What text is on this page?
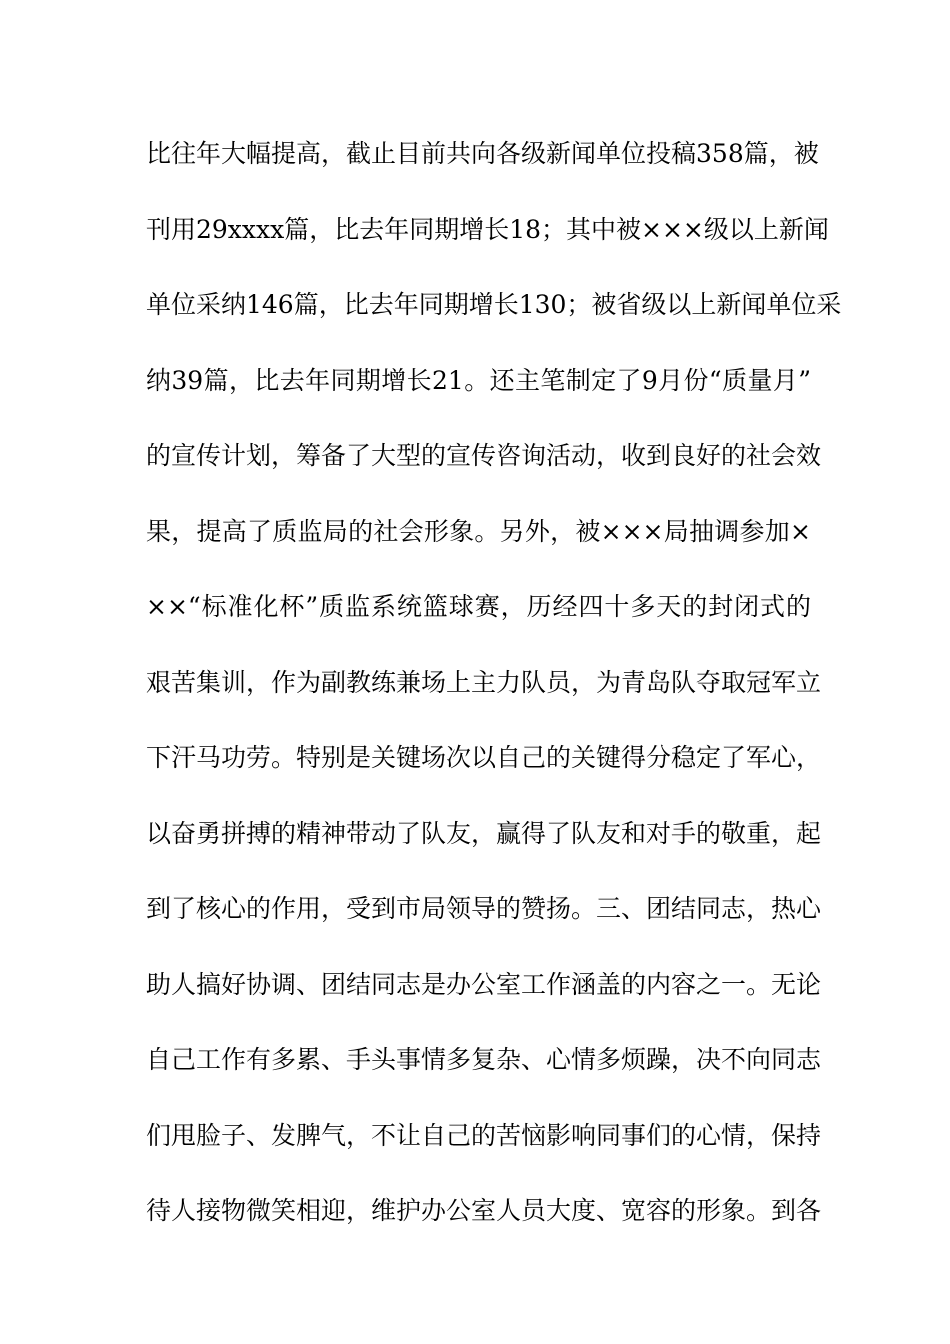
比往年大幅提高，截止目前共向各级新闻单位投稿358篇，被
刊用29xxxx篇，比去年同期增长18；其中被×××级以上新闻
单位采纳146篇，比去年同期增长130；被省级以上新闻单位采
纳39篇，比去年同期增长21。还主笔制定了9月份“质量月”
的宣传计划，筹备了大型的宣传咨询活动，收到良好的社会效
果，提高了质监局的社会形象。另外，被×××局抽调参加×
××“标准化杯”质监系统篮球赛，历经四十多天的封闭式的
艰苦集训，作为副教练兼场上主力队员，为青岛队夺取冠军立
下汗马功劳。特别是关键场次以自己的关键得分稳定了军心，
以奋勇拼搏的精神带动了队友，赢得了队友和对手的敬重，起
到了核心的作用，受到市局领导的赞扬。三、团结同志，热心
助人搞好协调、团结同志是办公室工作涵盖的内容之一。无论
自己工作有多累、手头事情多复杂、心情多烦躁，决不向同志
们甩脸子、发脾气，不让自己的苦恼影响同事们的心情，保持
待人接物微笑相迎，维护办公室人员大度、宽容的形象。到各
